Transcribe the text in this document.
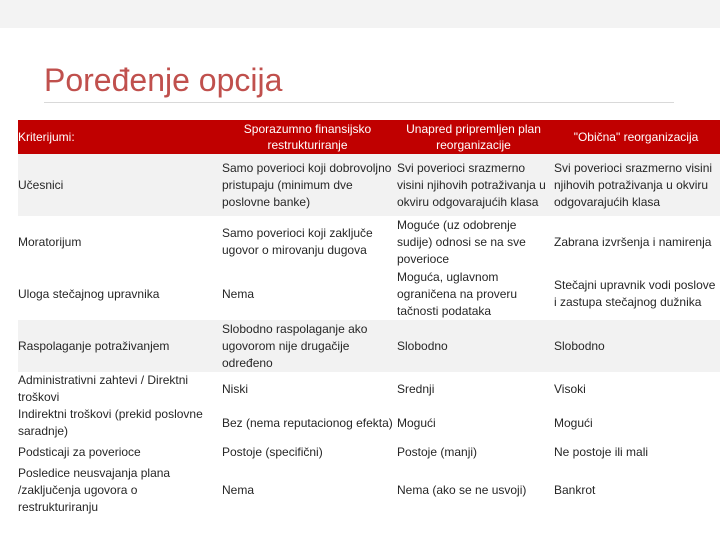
Poređenje opcija
Kriterijumi:	Sporazumno finansijsko restrukturiranje	Unapred pripremljen plan reorganizacije	"Obična" reorganizacija
Učesnici	Samo poverioci koji dobrovoljno pristupaju (minimum dve poslovne banke)	Svi poverioci srazmerno visini njihovih potraživanja u okviru odgovarajućih klasa	Svi poverioci srazmerno visini njihovih potraživanja u okviru odgovarajućih klasa
Moratorijum	Samo poverioci koji zaključe ugovor o mirovanju dugova	Moguće (uz odobrenje sudije) odnosi se na sve poverioce	Zabrana izvršenja i namirenja
Uloga stečajnog upravnika	Nema	Moguća, uglavnom ograničena na proveru tačnosti podataka	Stečajni upravnik vodi poslove i zastupa stečajnog dužnika
Raspolaganje potraživanjem	Slobodno raspolaganje ako ugovorom nije drugačije određeno	Slobodno	Slobodno
Administrativni zahtevi / Direktni troškovi	Niski	Srednji	Visoki
Indirektni troškovi (prekid poslovne saradnje)	Bez (nema reputacionog efekta)	Mogući	Mogući
Podsticaji za poverioce	Postoje (specifični)	Postoje (manji)	Ne postoje ili mali
Posledice neusvajanja plana /zaključenja ugovora o restrukturiranju	Nema	Nema (ako se ne usvoji)	Bankrot
